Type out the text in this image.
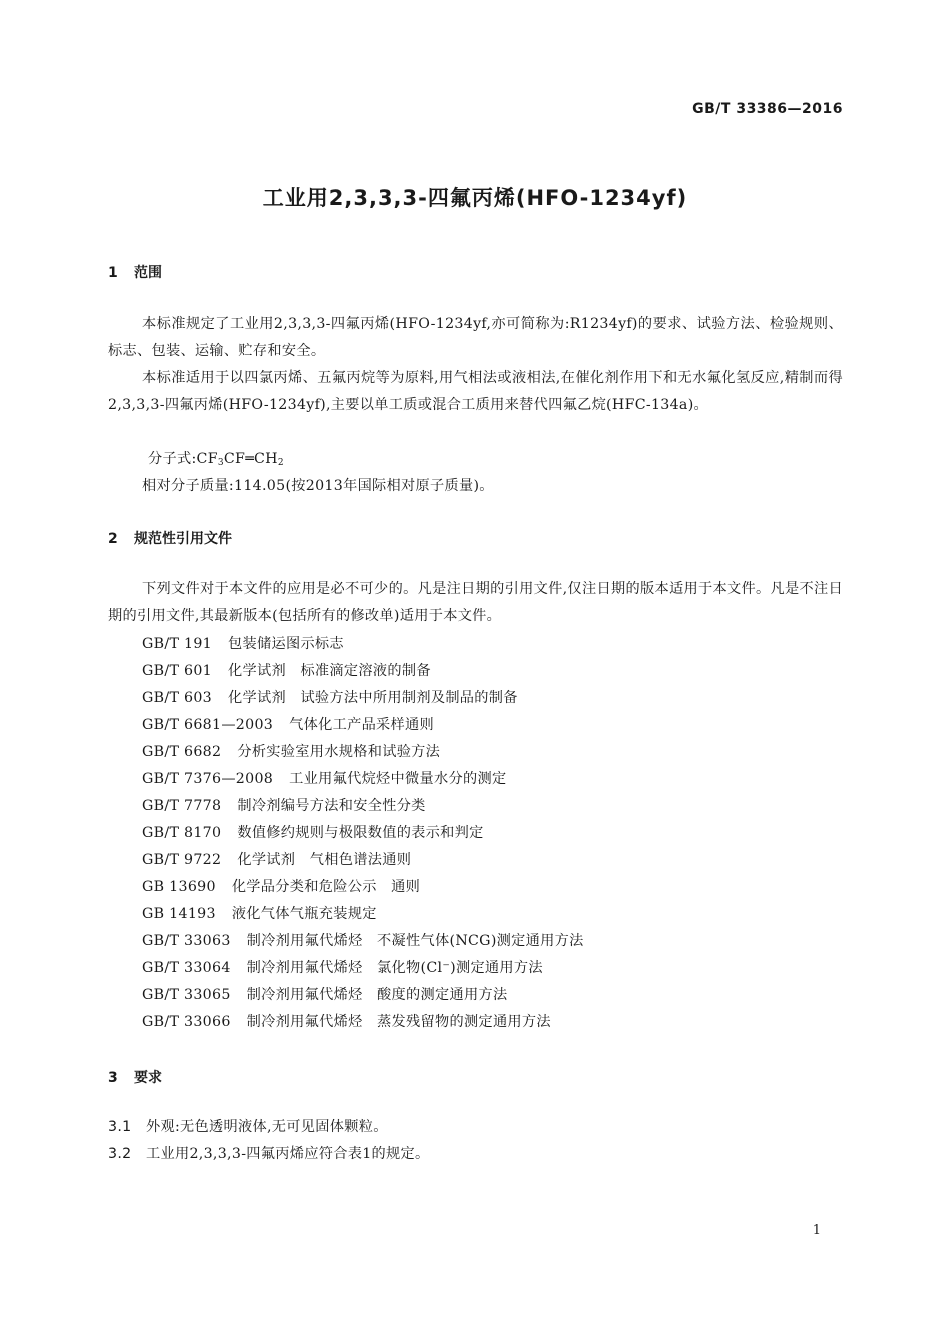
GB/T 33386—2016
工业用2,3,3,3-四氟丙烯(HFO-1234yf)
1 范围
本标准规定了工业用2,3,3,3-四氟丙烯(HFO-1234yf,亦可简称为:R1234yf)的要求、试验方法、检验规则、标志、包装、运输、贮存和安全。
本标准适用于以四氯丙烯、五氟丙烷等为原料,用气相法或液相法,在催化剂作用下和无水氟化氢反应,精制而得2,3,3,3-四氟丙烯(HFO-1234yf),主要以单工质或混合工质用来替代四氟乙烷(HFC-134a)。
分子式$:CF_3CF═CH_2$
相对分子质量:114.05(按2013年国际相对原子质量)。
2 规范性引用文件
下列文件对于本文件的应用是必不可少的。凡是注日期的引用文件,仅注日期的版本适用于本文件。凡是不注日期的引用文件,其最新版本(包括所有的修改单)适用于本文件。
GB/T 191 包装储运图示标志
GB/T 601 化学试剂　标准滴定溶液的制备
GB/T 603 化学试剂　试验方法中所用制剂及制品的制备
GB/T 6681—2003 气体化工产品采样通则
GB/T 6682 分析实验室用水规格和试验方法
GB/T 7376—2008 工业用氟代烷烃中微量水分的测定
GB/T 7778 制冷剂编号方法和安全性分类
GB/T 8170 数值修约规则与极限数值的表示和判定
GB/T 9722 化学试剂　气相色谱法通则
GB 13690 化学品分类和危险公示　通则
GB 14193 液化气体气瓶充装规定
GB/T 33063 制冷剂用氟代烯烃　不凝性气体(NCG)测定通用方法
GB/T 33064 制冷剂用氟代烯烃　氯化物(Cl⁻)测定通用方法
GB/T 33065 制冷剂用氟代烯烃　酸度的测定通用方法
GB/T 33066 制冷剂用氟代烯烃　蒸发残留物的测定通用方法
3 要求
3.1 外观:无色透明液体,无可见固体颗粒。
3.2 工业用2,3,3,3-四氟丙烯应符合表1的规定。
1
